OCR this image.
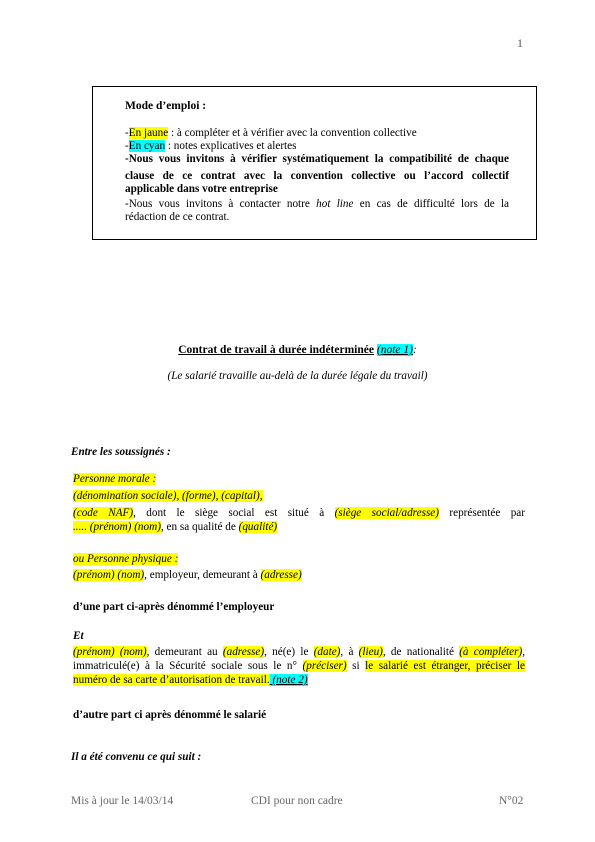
1
Mode d’emploi :
-En jaune : à compléter et à vérifier avec la convention collective
-En cyan : notes explicatives et alertes
-Nous vous invitons à vérifier systématiquement la compatibilité de chaque
clause de ce contrat avec la convention collective ou l’accord collectif
applicable dans votre entreprise
-Nous vous invitons à contacter notre hot line en cas de difficulté lors de la
rédaction de ce contrat.
Contrat de travail à durée indéterminée (note 1):
(Le salarié travaille au-delà de la durée légale du travail)
Entre les soussignés :
Personne morale :
(dénomination sociale), (forme), (capital),
(code NAF), dont le siège social est situé à (siège social/adresse) représentée par
..... (prénom) (nom), en sa qualité de (qualité)
ou Personne physique :
(prénom) (nom), employeur, demeurant à (adresse)
d’une part ci-après dénommé l’employeur
Et
(prénom) (nom), demeurant au (adresse), né(e) le (date), à (lieu), de nationalité (à compléter),
immatriculé(e) à la Sécurité sociale sous le n° (préciser) si le salarié est étranger, préciser le
numéro de sa carte d’autorisation de travail. (note 2)
d’autre part ci après dénommé le salarié
Il a été convenu ce qui suit :
Mis à jour le 14/03/14	CDI pour non cadre	N°02
